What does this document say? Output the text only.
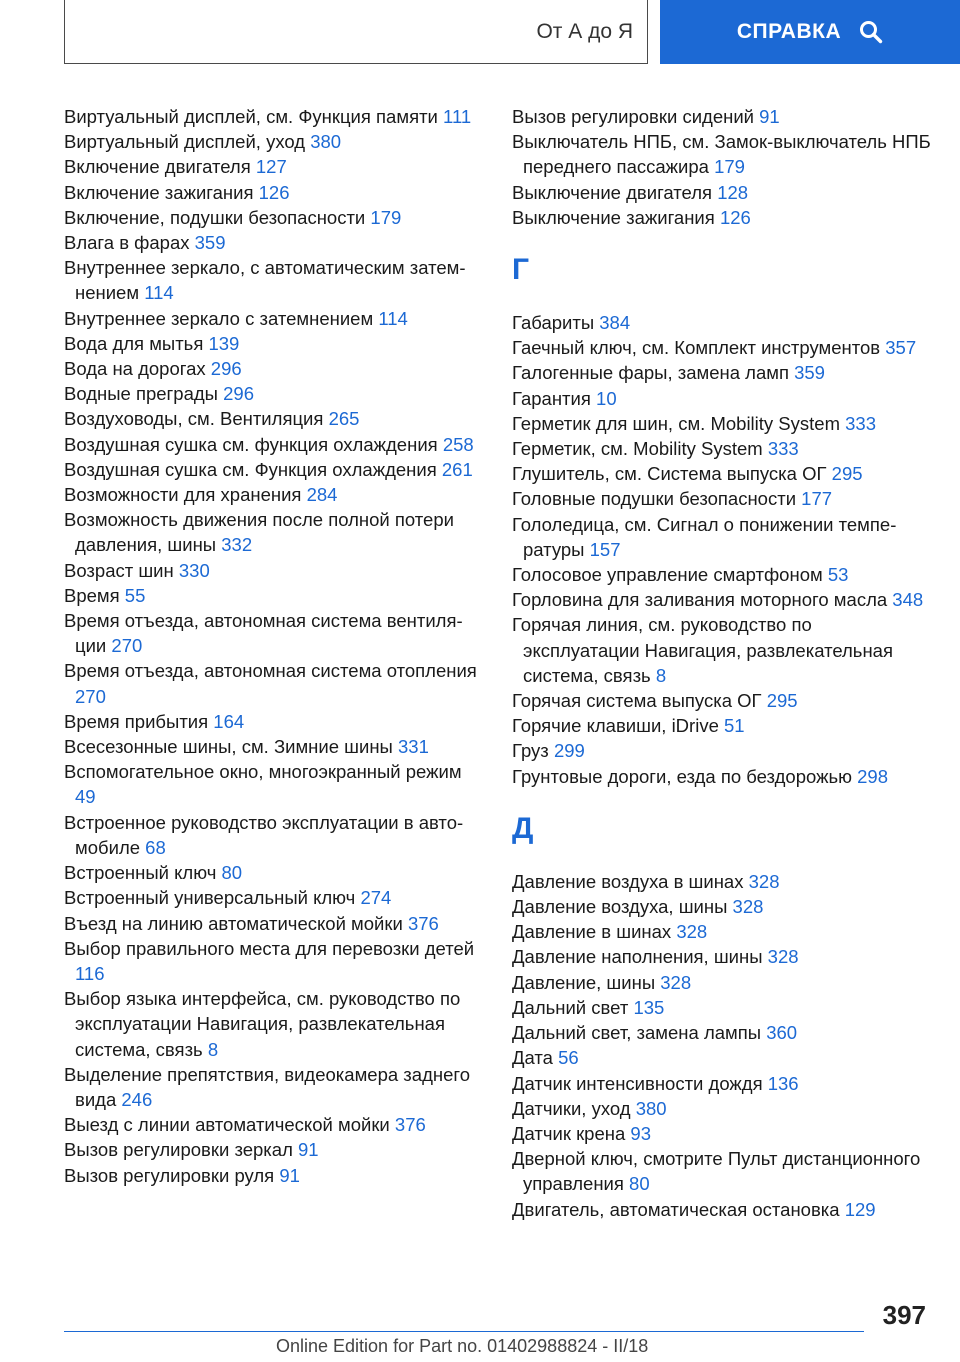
От А до Я	СПРАВКА
Виртуальный дисплей, см. Функция памяти 111
Виртуальный дисплей, уход 380
Включение двигателя 127
Включение зажигания 126
Включение, подушки безопасности 179
Влага в фарах 359
Внутреннее зеркало, с автоматическим затемнением 114
Внутреннее зеркало с затемнением 114
Вода для мытья 139
Вода на дорогах 296
Водные преграды 296
Воздуховоды, см. Вентиляция 265
Воздушная сушка см. функция охлаждения 258
Воздушная сушка см. Функция охлаждения 261
Возможности для хранения 284
Возможность движения после полной потери давления, шины 332
Возраст шин 330
Время 55
Время отъезда, автономная система вентиляции 270
Время отъезда, автономная система отопления 270
Время прибытия 164
Всесезонные шины, см. Зимние шины 331
Вспомогательное окно, многоэкранный режим 49
Встроенное руководство эксплуатации в автомобиле 68
Встроенный ключ 80
Встроенный универсальный ключ 274
Въезд на линию автоматической мойки 376
Выбор правильного места для перевозки детей 116
Выбор языка интерфейса, см. руководство по эксплуатации Навигация, развлекательная система, связь 8
Выделение препятствия, видеокамера заднего вида 246
Выезд с линии автоматической мойки 376
Вызов регулировки зеркал 91
Вызов регулировки руля 91
Вызов регулировки сидений 91
Выключатель НПБ, см. Замок-выключатель НПБ переднего пассажира 179
Выключение двигателя 128
Выключение зажигания 126
Г
Габариты 384
Гаечный ключ, см. Комплект инструментов 357
Галогенные фары, замена ламп 359
Гарантия 10
Герметик для шин, см. Mobility System 333
Герметик, см. Mobility System 333
Глушитель, см. Система выпуска ОГ 295
Головные подушки безопасности 177
Гололедица, см. Сигнал о понижении температуры 157
Голосовое управление смартфоном 53
Горловина для заливания моторного масла 348
Горячая линия, см. руководство по эксплуатации Навигация, развлекательная система, связь 8
Горячая система выпуска ОГ 295
Горячие клавиши, iDrive 51
Груз 299
Грунтовые дороги, езда по бездорожью 298
Д
Давление воздуха в шинах 328
Давление воздуха, шины 328
Давление в шинах 328
Давление наполнения, шины 328
Давление, шины 328
Дальний свет 135
Дальний свет, замена лампы 360
Дата 56
Датчик интенсивности дождя 136
Датчики, уход 380
Датчик крена 93
Дверной ключ, смотрите Пульт дистанционного управления 80
Двигатель, автоматическая остановка 129
397
Online Edition for Part no. 01402988824 - II/18
